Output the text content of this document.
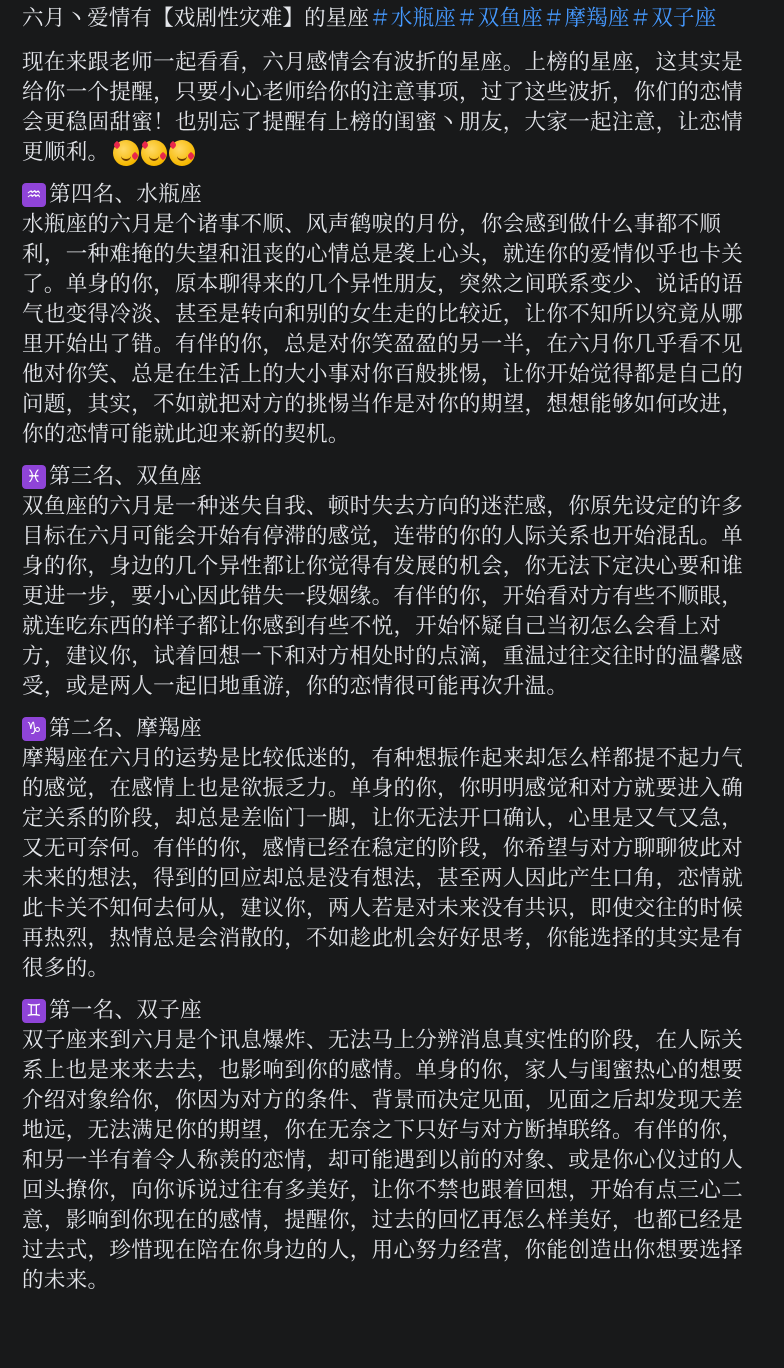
六月丶爱情有【戏剧性灾难】的星座＃水瓶座＃双鱼座＃摩羯座＃双子座

现在来跟老师一起看看，六月感情会有波折的星座。上榜的星座，这其实是给你一个提醒，只要小心老师给你的注意事项，过了这些波折，你们的恋情会更稳固甜蜜！也别忘了提醒有上榜的闺蜜丶朋友，大家一起注意，让恋情更顺利。

♒ 第四名、水瓶座

水瓶座的六月是个诸事不顺、风声鹤唳的月份，你会感到做什么事都不顺利，一种难掩的失望和沮丧的心情总是袭上心头，就连你的爱情似乎也卡关了。单身的你，原本聊得来的几个异性朋友，突然之间联系变少、说话的语气也变得冷淡、甚至是转向和别的女生走的比较近，让你不知所以究竟从哪里开始出了错。有伴的你，总是对你笑盈盈的另一半，在六月你几乎看不见他对你笑、总是在生活上的大小事对你百般挑惕，让你开始觉得都是自己的问题，其实，不如就把对方的挑惕当作是对你的期望，想想能够如何改进，你的恋情可能就此迎来新的契机。

♓ 第三名、双鱼座

双鱼座的六月是一种迷失自我、顿时失去方向的迷茫感，你原先设定的许多目标在六月可能会开始有停滞的感觉，连带的你的人际关系也开始混乱。单身的你，身边的几个异性都让你觉得有发展的机会，你无法下定决心要和谁更进一步，要小心因此错失一段姻缘。有伴的你，开始看对方有些不顺眼，就连吃东西的样子都让你感到有些不悦，开始怀疑自己当初怎么会看上对方，建议你，试着回想一下和对方相处时的点滴，重温过往交往时的温馨感受，或是两人一起旧地重游，你的恋情很可能再次升温。

♑ 第二名、摩羯座

摩羯座在六月的运势是比较低迷的，有种想振作起来却怎么样都提不起力气的感觉，在感情上也是欲振乏力。单身的你，你明明感觉和对方就要进入确定关系的阶段，却总是差临门一脚，让你无法开口确认，心里是又气又急，又无可奈何。有伴的你，感情已经在稳定的阶段，你希望与对方聊聊彼此对未来的想法，得到的回应却总是没有想法，甚至两人因此产生口角，恋情就此卡关不知何去何从，建议你，两人若是对未来没有共识，即使交往的时候再热烈，热情总是会消散的，不如趁此机会好好思考，你能选择的其实是有很多的。

♊ 第一名、双子座

双子座来到六月是个讯息爆炸、无法马上分辨消息真实性的阶段，在人际关系上也是来来去去，也影响到你的感情。单身的你，家人与闺蜜热心的想要介绍对象给你，你因为对方的条件、背景而决定见面，见面之后却发现天差地远，无法满足你的期望，你在无奈之下只好与对方断掉联络。有伴的你，和另一半有着令人称羡的恋情，却可能遇到以前的对象、或是你心仪过的人回头撩你，向你诉说过往有多美好，让你不禁也跟着回想，开始有点三心二意，影响到你现在的感情，提醒你，过去的回忆再怎么样美好，也都已经是过去式，珍惜现在陪在你身边的人，用心努力经营，你能创造出你想要选择的未来。
